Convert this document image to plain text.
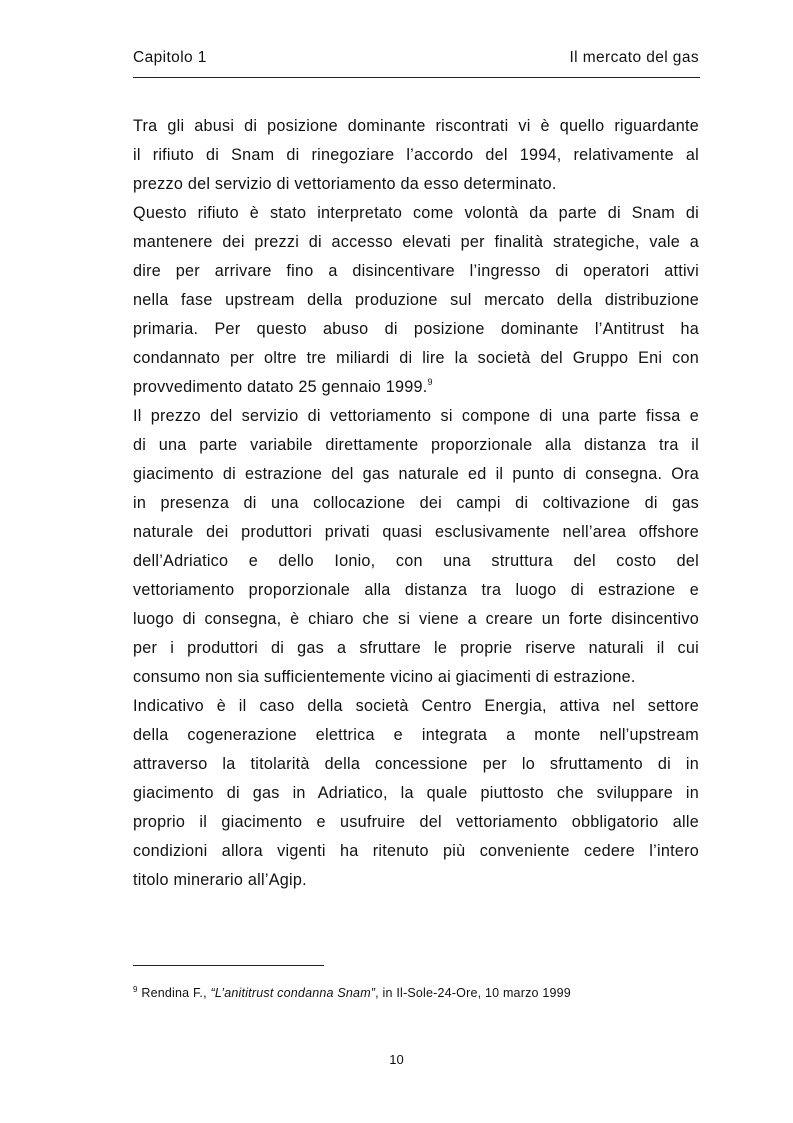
Capitolo 1	Il mercato del gas
Tra gli abusi di posizione dominante riscontrati vi è quello riguardante
il rifiuto di Snam di rinegoziare l’accordo del 1994, relativamente al
prezzo del servizio di vettoriamento da esso determinato.
Questo rifiuto è stato interpretato come volontà da parte di Snam di
mantenere dei prezzi di accesso elevati per finalità strategiche, vale a
dire per arrivare fino a disincentivare l’ingresso di operatori attivi
nella fase upstream della produzione sul mercato della distribuzione
primaria. Per questo abuso di posizione dominante l’Antitrust ha
condannato per oltre tre miliardi di lire la società del Gruppo Eni con
provvedimento datato 25 gennaio 1999.$^9$
Il prezzo del servizio di vettoriamento si compone di una parte fissa e
di una parte variabile direttamente proporzionale alla distanza tra il
giacimento di estrazione del gas naturale ed il punto di consegna. Ora
in presenza di una collocazione dei campi di coltivazione di gas
naturale dei produttori privati quasi esclusivamente nell’area offshore
dell’Adriatico e dello Ionio, con una struttura del costo del
vettoriamento proporzionale alla distanza tra luogo di estrazione e
luogo di consegna, è chiaro che si viene a creare un forte disincentivo
per i produttori di gas a sfruttare le proprie riserve naturali il cui
consumo non sia sufficientemente vicino ai giacimenti di estrazione.
Indicativo è il caso della società Centro Energia, attiva nel settore
della cogenerazione elettrica e integrata a monte nell’upstream
attraverso la titolarità della concessione per lo sfruttamento di in
giacimento di gas in Adriatico, la quale piuttosto che sviluppare in
proprio il giacimento e usufruire del vettoriamento obbligatorio alle
condizioni allora vigenti ha ritenuto più conveniente cedere l’intero
titolo minerario all’Agip.
$^9$ Rendina F., “L’anititrust condanna Snam”, in Il-Sole-24-Ore, 10 marzo 1999
10
